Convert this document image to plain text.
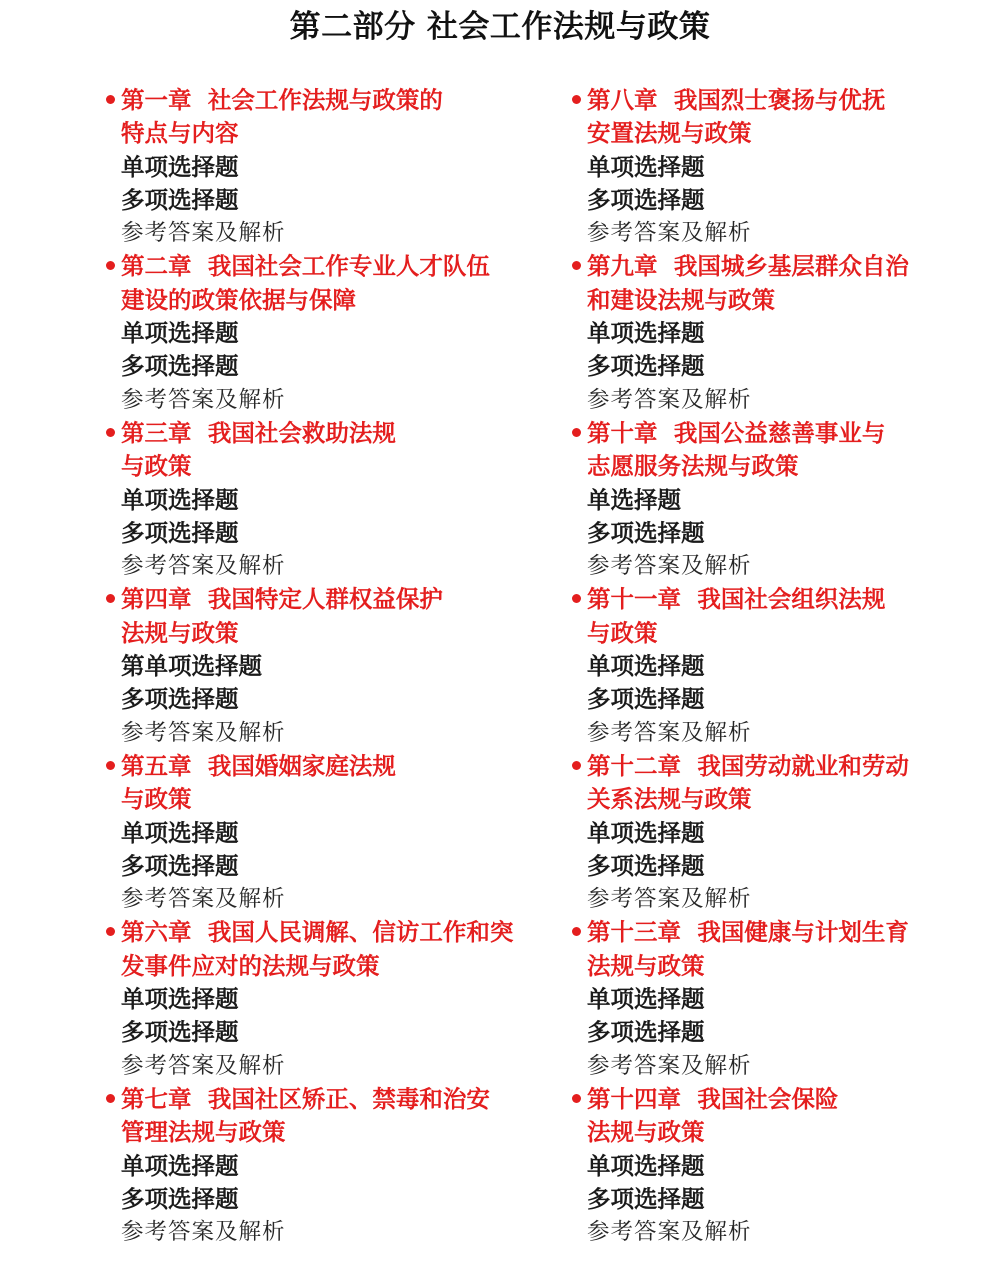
第二部分 社会工作法规与政策
第一章  社会工作法规与政策的
特点与内容
单项选择题
多项选择题
参考答案及解析
第二章  我国社会工作专业人才队伍
建设的政策依据与保障
单项选择题
多项选择题
参考答案及解析
第三章  我国社会救助法规
与政策
单项选择题
多项选择题
参考答案及解析
第四章  我国特定人群权益保护
法规与政策
第单项选择题
多项选择题
参考答案及解析
第五章  我国婚姻家庭法规
与政策
单项选择题
多项选择题
参考答案及解析
第六章  我国人民调解、信访工作和突
发事件应对的法规与政策
单项选择题
多项选择题
参考答案及解析
第七章  我国社区矫正、禁毒和治安
管理法规与政策
单项选择题
多项选择题
参考答案及解析
第八章  我国烈士褒扬与优抚
安置法规与政策
单项选择题
多项选择题
参考答案及解析
第九章  我国城乡基层群众自治
和建设法规与政策
单项选择题
多项选择题
参考答案及解析
第十章  我国公益慈善事业与
志愿服务法规与政策
单选择题
多项选择题
参考答案及解析
第十一章  我国社会组织法规
与政策
单项选择题
多项选择题
参考答案及解析
第十二章  我国劳动就业和劳动
关系法规与政策
单项选择题
多项选择题
参考答案及解析
第十三章  我国健康与计划生育
法规与政策
单项选择题
多项选择题
参考答案及解析
第十四章  我国社会保险
法规与政策
单项选择题
多项选择题
参考答案及解析
